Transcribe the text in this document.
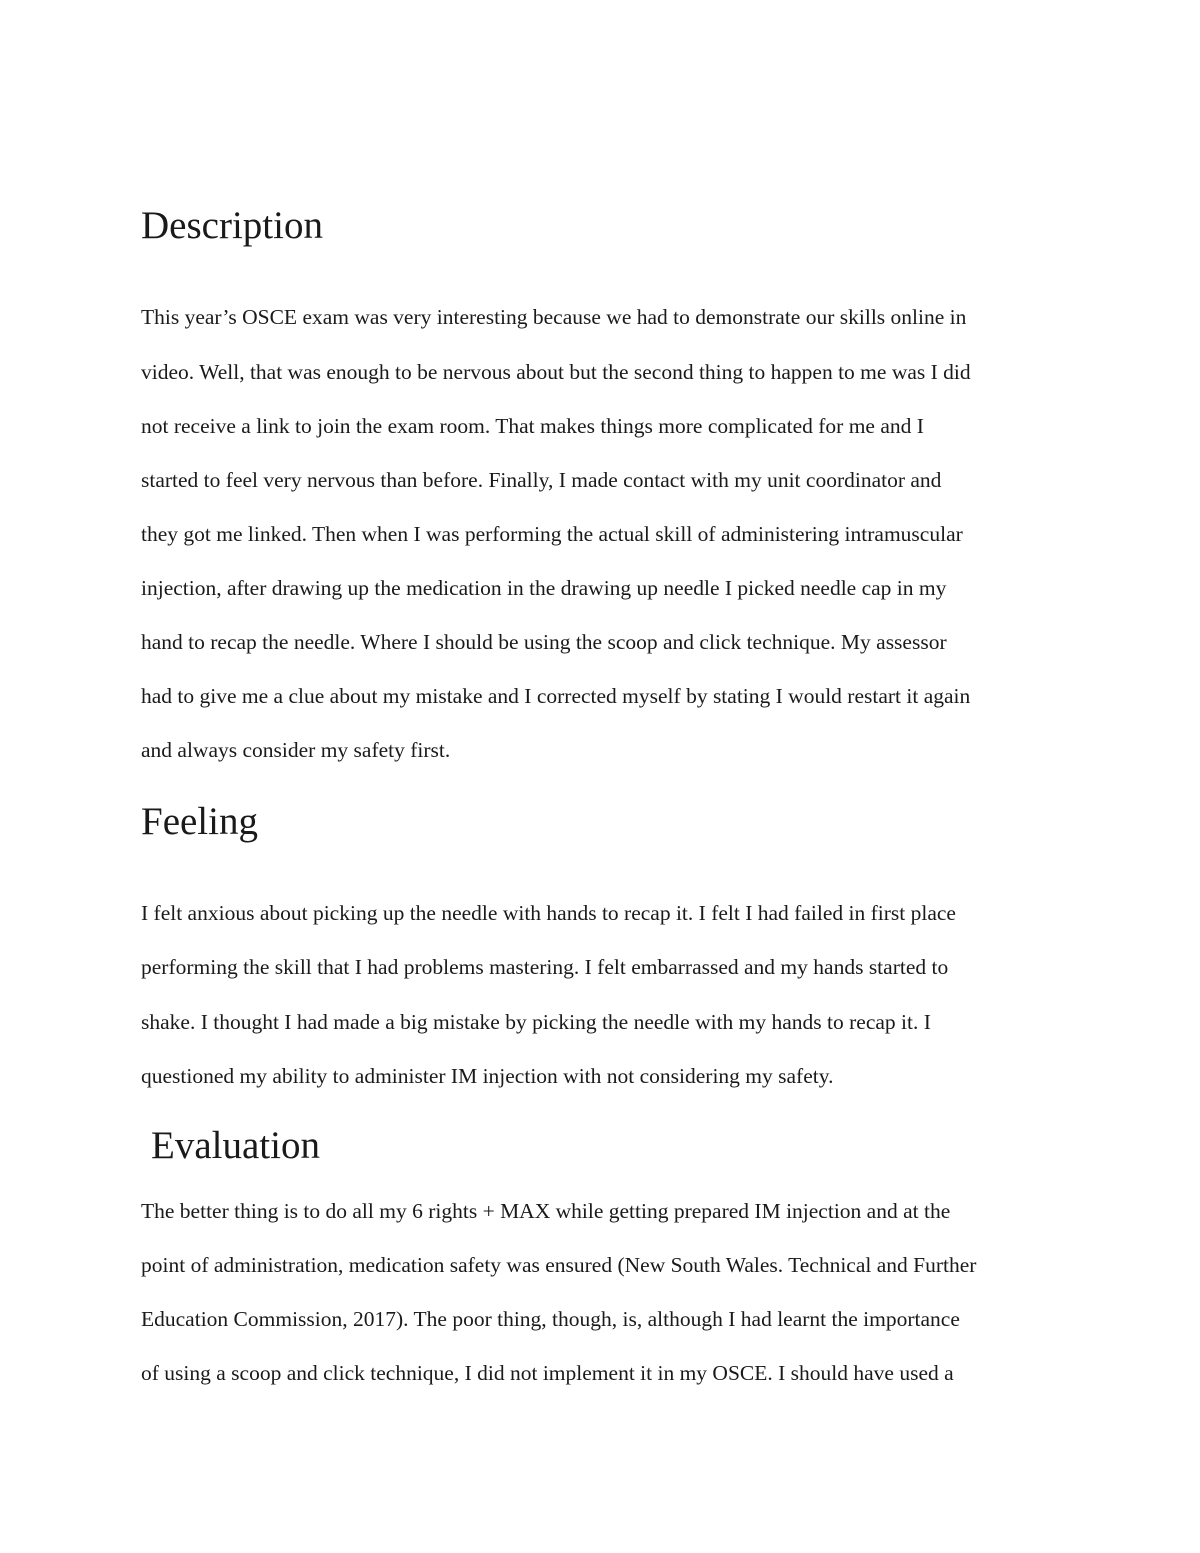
Description

This year’s OSCE exam was very interesting because we had to demonstrate our skills online in

video. Well, that was enough to be nervous about but the second thing to happen to me was I did

not receive a link to join the exam room. That makes things more complicated for me and I

started to feel very nervous than before. Finally, I made contact with my unit coordinator and

they got me linked. Then when I was performing the actual skill of administering intramuscular

injection, after drawing up the medication in the drawing up needle I picked needle cap in my

hand to recap the needle. Where I should be using the scoop and click technique. My assessor

had to give me a clue about my mistake and I corrected myself by stating I would restart it again

and always consider my safety first.

Feeling

I felt anxious about picking up the needle with hands to recap it. I felt I had failed in first place

performing the skill that I had problems mastering. I felt embarrassed and my hands started to

shake. I thought I had made a big mistake by picking the needle with my hands to recap it. I

questioned my ability to administer IM injection with not considering my safety.

Evaluation

The better thing is to do all my 6 rights + MAX while getting prepared IM injection and at the

point of administration, medication safety was ensured (New South Wales. Technical and Further

Education Commission, 2017). The poor thing, though, is, although I had learnt the importance

of using a scoop and click technique, I did not implement it in my OSCE. I should have used a
